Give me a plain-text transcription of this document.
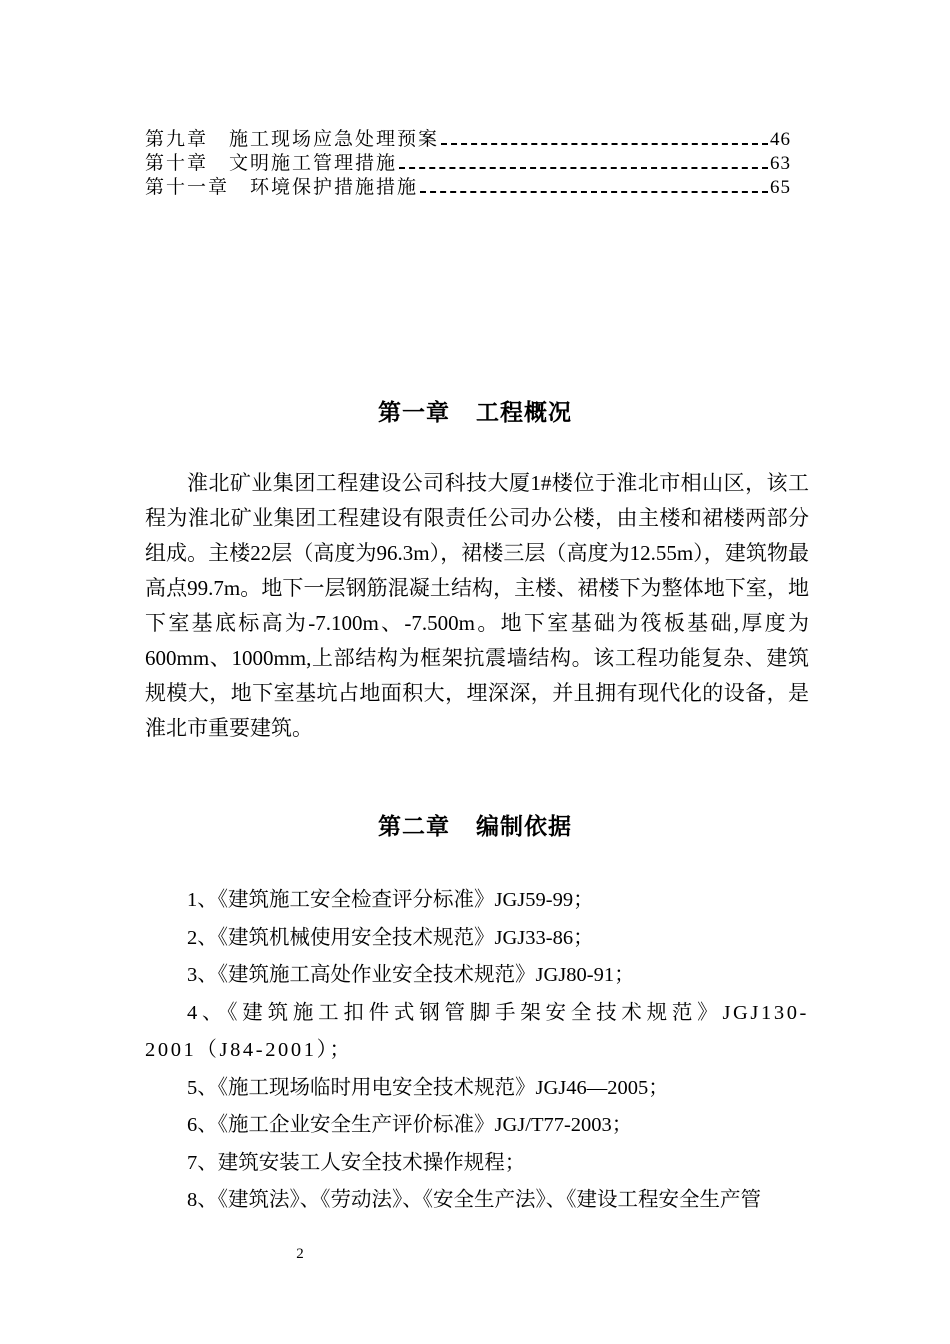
第九章　施工现场应急处理预案	46
第十章　文明施工管理措施	63
第十一章　环境保护措施措施	65
第一章 工程概况

淮北矿业集团工程建设公司科技大厦1#楼位于淮北市相山区，该工程为淮北矿业集团工程建设有限责任公司办公楼，由主楼和裙楼两部分组成。主楼22层（高度为96.3m），裙楼三层（高度为12.55m），建筑物最高点99.7m。地下一层钢筋混凝土结构，主楼、裙楼下为整体地下室，地下室基底标高为-7.100m、-7.500m。地下室基础为筏板基础,厚度为600mm、1000mm,上部结构为框架抗震墙结构。该工程功能复杂、建筑规模大，地下室基坑占地面积大，埋深深，并且拥有现代化的设备，是淮北市重要建筑。

第二章 编制依据

1、《建筑施工安全检查评分标准》JGJ59-99；

2、《建筑机械使用安全技术规范》JGJ33-86；

3、《建筑施工高处作业安全技术规范》JGJ80-91；

4、《建筑施工扣件式钢管脚手架安全技术规范》JGJ130-2001（J84-2001）；

5、《施工现场临时用电安全技术规范》JGJ46—2005；

6、《施工企业安全生产评价标准》JGJ/T77-2003；

7、建筑安装工人安全技术操作规程；

8、《建筑法》、《劳动法》、《安全生产法》、《建设工程安全生产管

2
